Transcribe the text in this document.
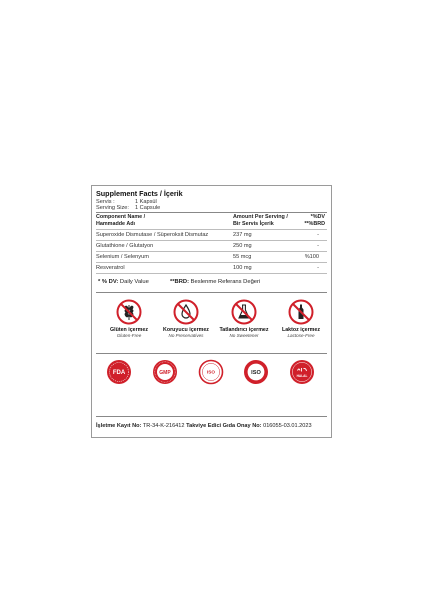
Supplement Facts / İçerik
Servis :	1 Kapsül
Serving Size: 1 Capsule
Component Name /
Hammadde Adı
Amount Per Serving /
Bir Servis İçerik
*%DV
**%BRD
Superoxide Dismutase / Süperoksit Dismutaz	237 mg	-
Glutathione / Glutatyon	250 mg	-
Selenium / Selenyum	55 mcg	%100
Resveratrol	100 mg	-
* % DV: Daily Value	**BRD: Beslenme Referans Değeri
Glüten içermez
Gluten-Free
Koruyucu içermez
No Preservatives
Tatlandırıcı içermez
No Sweetener
Laktoz içermez
Lactose-Free
FDA	GMP	ISO	ISO	HALAL
İşletme Kayıt No: TR-34-K-216412 Takviye Edici Gıda Onay No: 016055-03.01.2023
